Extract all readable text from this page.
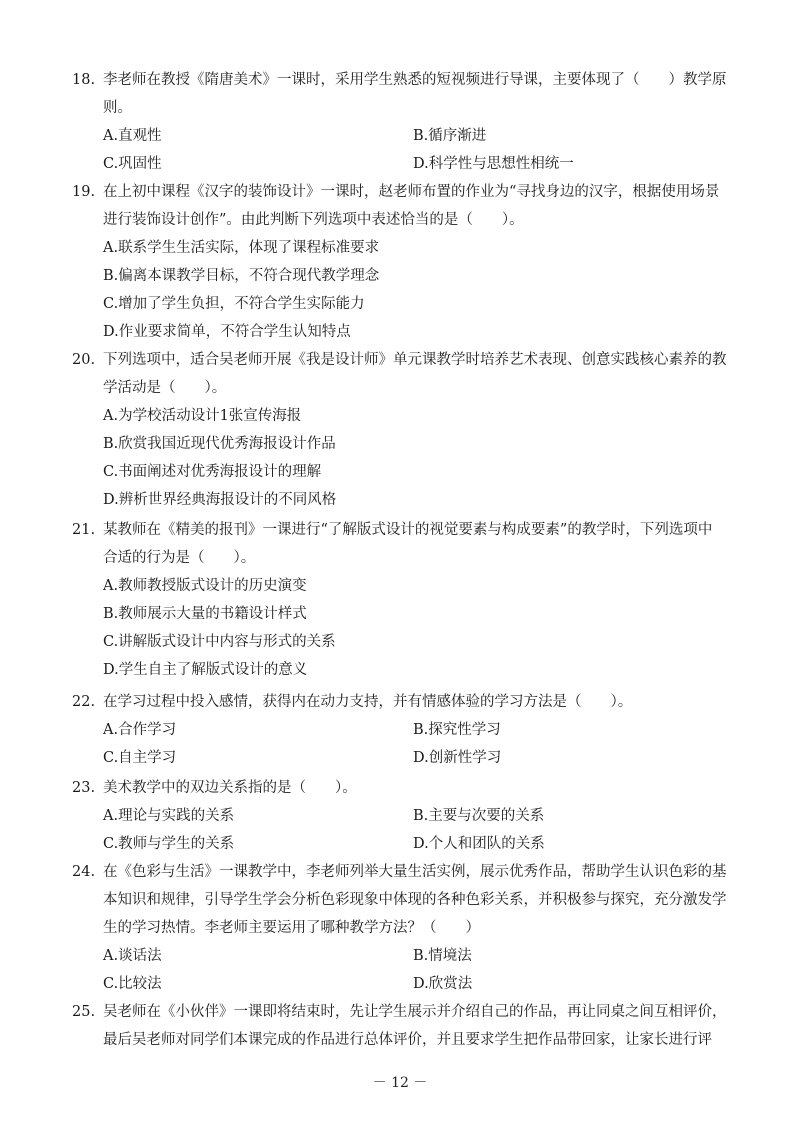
18. 李老师在教授《隋唐美术》一课时，采用学生熟悉的短视频进行导课，主要体现了（　　）教学原
则。
A.直观性	B.循序渐进
C.巩固性	D.科学性与思想性相统一
19. 在上初中课程《汉字的装饰设计》一课时，赵老师布置的作业为“寻找身边的汉字，根据使用场景
进行装饰设计创作”。由此判断下列选项中表述恰当的是（　　）。
A.联系学生生活实际，体现了课程标准要求
B.偏离本课教学目标，不符合现代教学理念
C.增加了学生负担，不符合学生实际能力
D.作业要求简单，不符合学生认知特点
20. 下列选项中，适合吴老师开展《我是设计师》单元课教学时培养艺术表现、创意实践核心素养的教
学活动是（　　）。
A.为学校活动设计1张宣传海报
B.欣赏我国近现代优秀海报设计作品
C.书面阐述对优秀海报设计的理解
D.辨析世界经典海报设计的不同风格
21. 某教师在《精美的报刊》一课进行“了解版式设计的视觉要素与构成要素”的教学时，下列选项中
合适的行为是（　　）。
A.教师教授版式设计的历史演变
B.教师展示大量的书籍设计样式
C.讲解版式设计中内容与形式的关系
D.学生自主了解版式设计的意义
22. 在学习过程中投入感情，获得内在动力支持，并有情感体验的学习方法是（　　）。
A.合作学习	B.探究性学习
C.自主学习	D.创新性学习
23. 美术教学中的双边关系指的是（　　）。
A.理论与实践的关系	B.主要与次要的关系
C.教师与学生的关系	D.个人和团队的关系
24. 在《色彩与生活》一课教学中，李老师列举大量生活实例，展示优秀作品，帮助学生认识色彩的基
本知识和规律，引导学生学会分析色彩现象中体现的各种色彩关系，并积极参与探究，充分激发学
生的学习热情。李老师主要运用了哪种教学方法？（　　）
A.谈话法	B.情境法
C.比较法	D.欣赏法
25. 吴老师在《小伙伴》一课即将结束时，先让学生展示并介绍自己的作品，再让同桌之间互相评价，
最后吴老师对同学们本课完成的作品进行总体评价，并且要求学生把作品带回家，让家长进行评
－ 12 －
